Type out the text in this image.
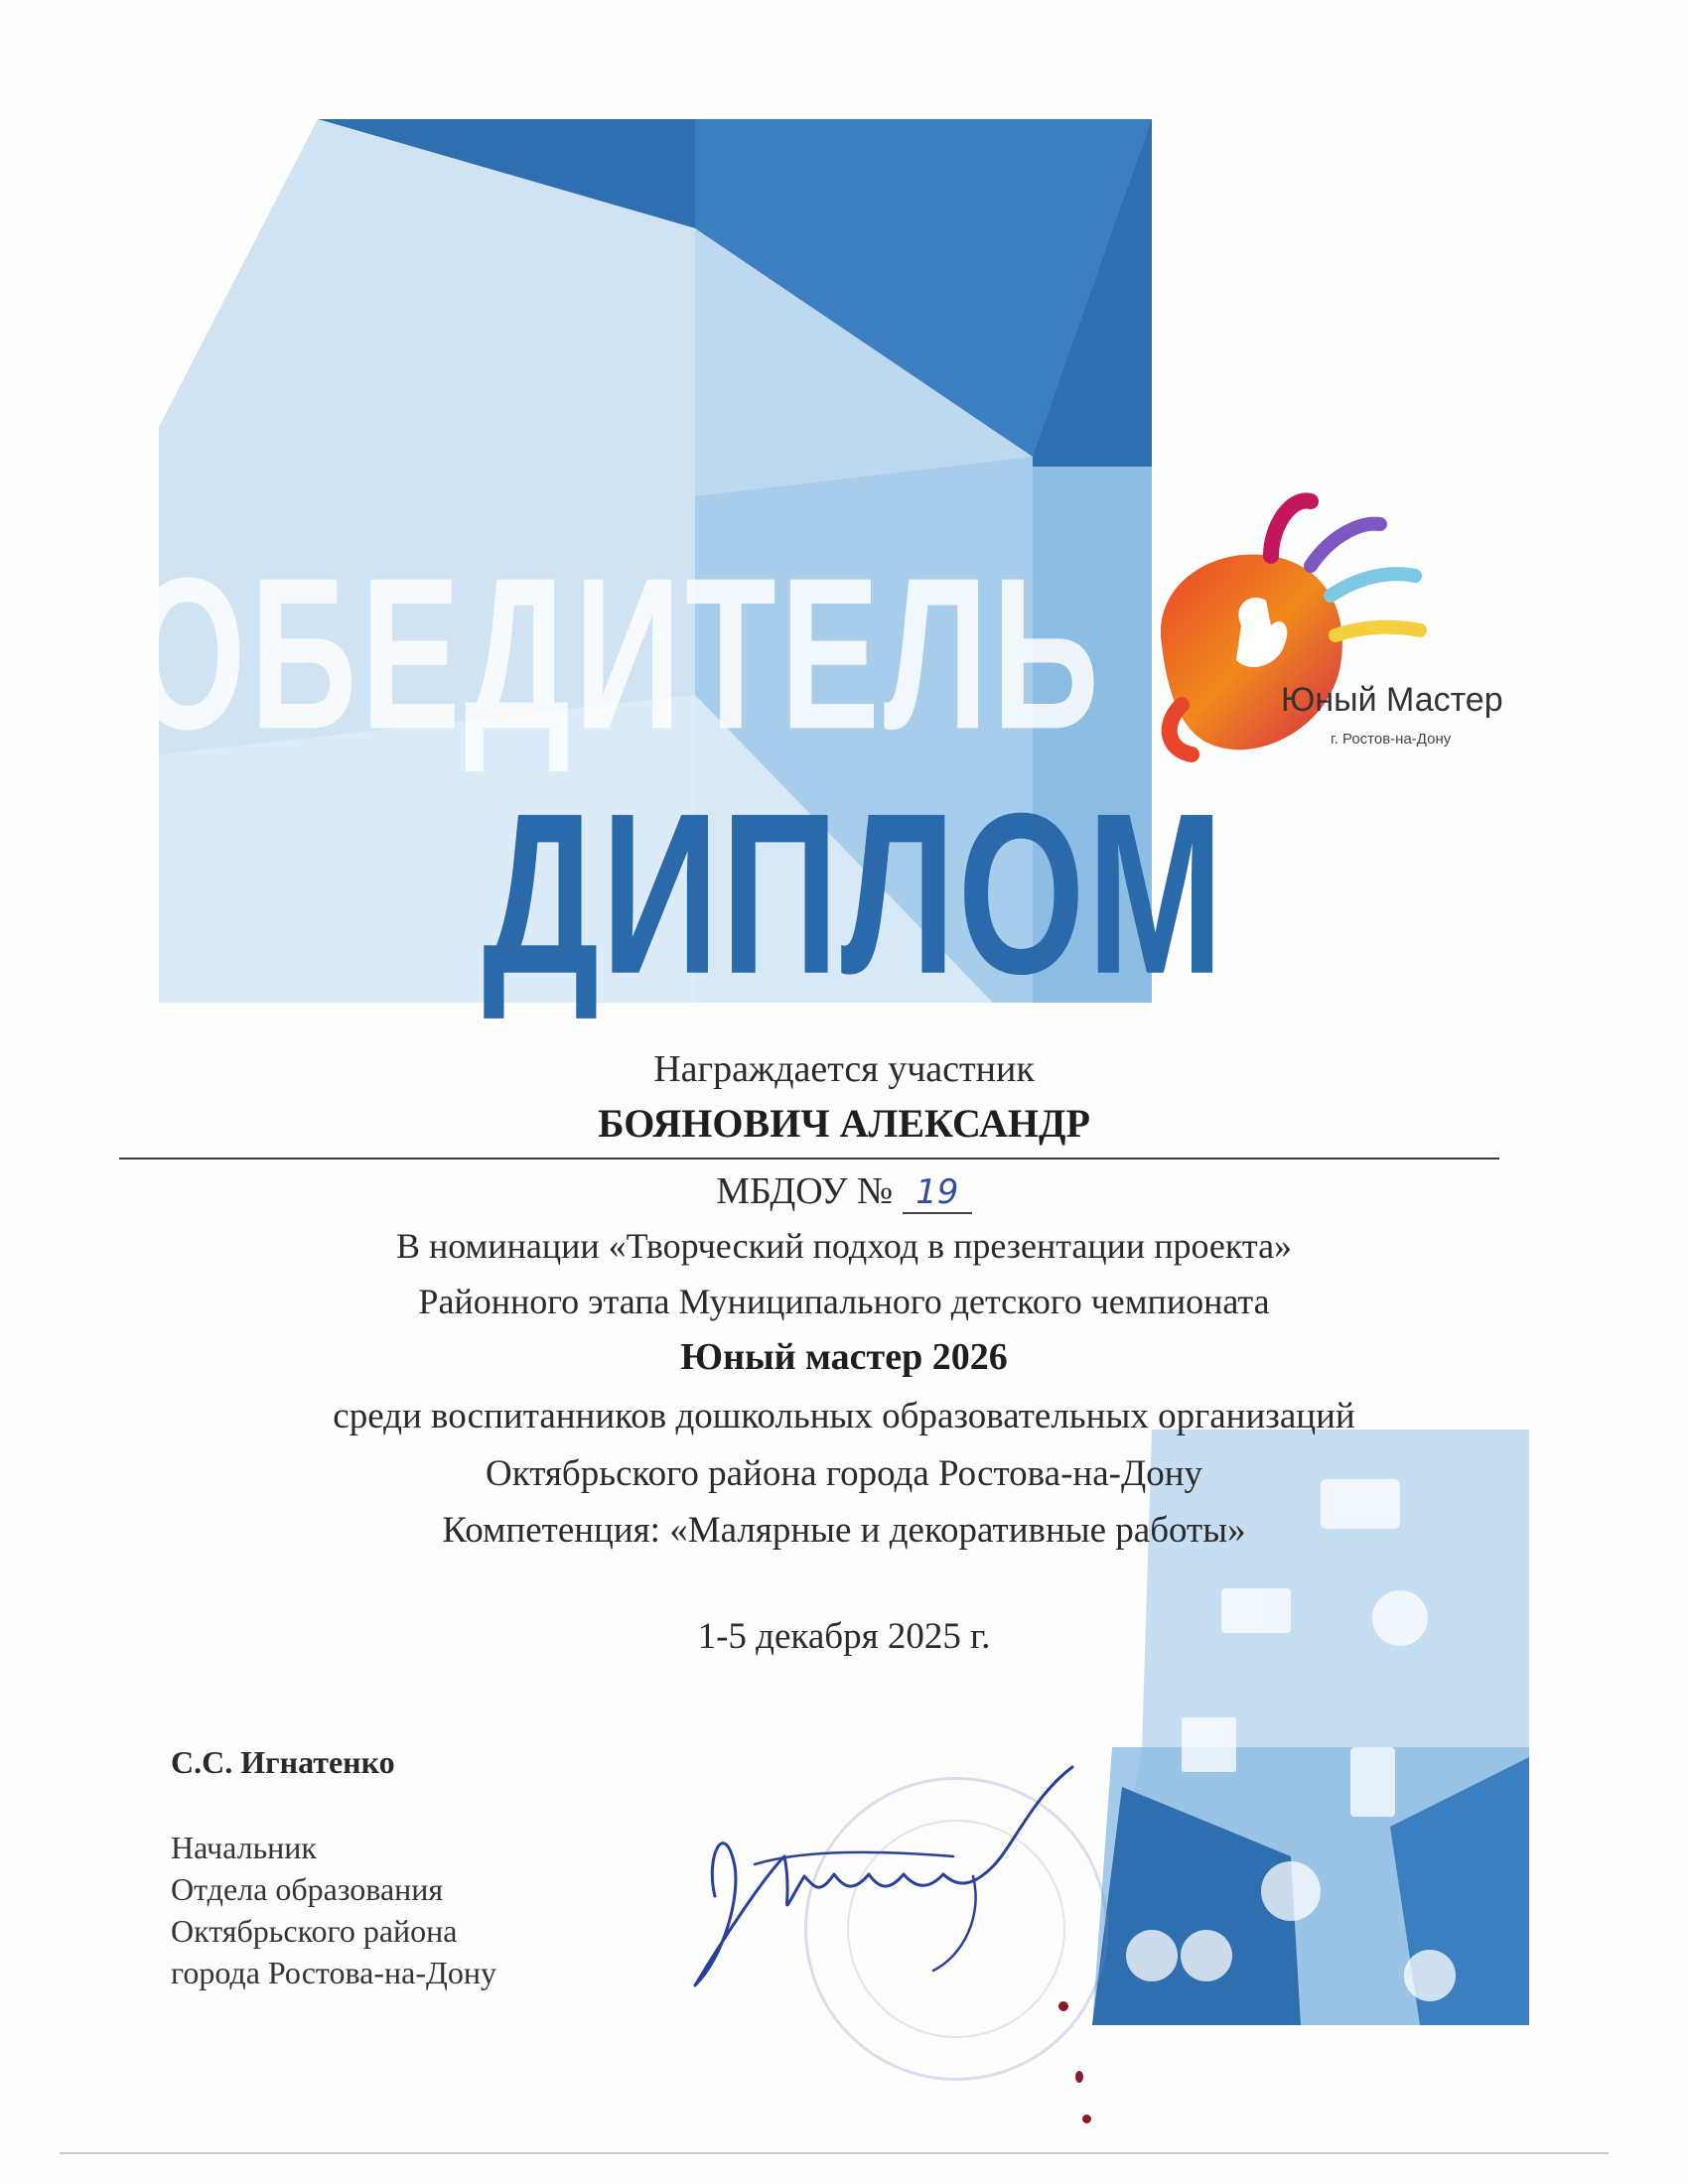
ПОБЕДИТЕЛЬ
ДИПЛОМ
Юный Мастер
г. Ростов-на-Дону
Награждается участник
БОЯНОВИЧ АЛЕКСАНДР
МБДОУ № 19
В номинации «Творческий подход в презентации проекта»
Районного этапа Муниципального детского чемпионата
Юный мастер 2026
среди воспитанников дошкольных образовательных организаций
Октябрьского района города Ростова-на-Дону
Компетенция: «Малярные и декоративные работы»
1-5 декабря 2025 г.
С.С. Игнатенко
Начальник
Отдела образования
Октябрьского района
города Ростова-на-Дону
